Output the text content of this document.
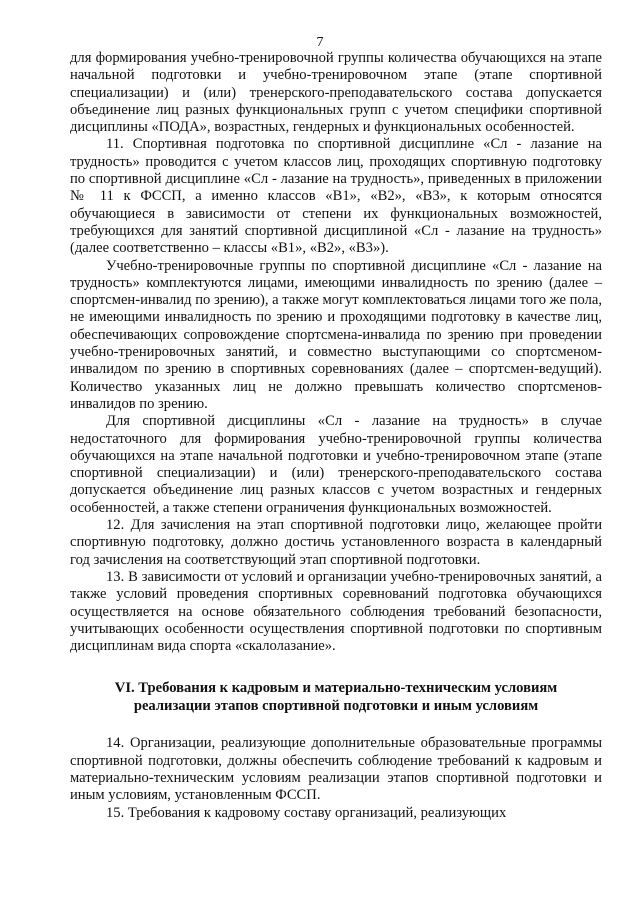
7

для формирования учебно-тренировочной группы количества обучающихся на этапе начальной подготовки и учебно-тренировочном этапе (этапе спортивной специализации) и (или) тренерского-преподавательского состава допускается объединение лиц разных функциональных групп с учетом специфики спортивной дисциплины «ПОДА», возрастных, гендерных и функциональных особенностей.

11. Спортивная подготовка по спортивной дисциплине «Сл - лазание на трудность» проводится с учетом классов лиц, проходящих спортивную подготовку по спортивной дисциплине «Сл - лазание на трудность», приведенных в приложении № 11 к ФССП, а именно классов «B1», «B2», «B3», к которым относятся обучающиеся в зависимости от степени их функциональных возможностей, требующихся для занятий спортивной дисциплиной «Сл - лазание на трудность» (далее соответственно – классы «B1», «B2», «B3»).

Учебно-тренировочные группы по спортивной дисциплине «Сл - лазание на трудность» комплектуются лицами, имеющими инвалидность по зрению (далее – спортсмен-инвалид по зрению), а также могут комплектоваться лицами того же пола, не имеющими инвалидность по зрению и проходящими подготовку в качестве лиц, обеспечивающих сопровождение спортсмена-инвалида по зрению при проведении учебно-тренировочных занятий, и совместно выступающими со спортсменом-инвалидом по зрению в спортивных соревнованиях (далее – спортсмен-ведущий). Количество указанных лиц не должно превышать количество спортсменов-инвалидов по зрению.

Для спортивной дисциплины «Сл - лазание на трудность» в случае недостаточного для формирования учебно-тренировочной группы количества обучающихся на этапе начальной подготовки и учебно-тренировочном этапе (этапе спортивной специализации) и (или) тренерского-преподавательского состава допускается объединение лиц разных классов с учетом возрастных и гендерных особенностей, а также степени ограничения функциональных возможностей.

12. Для зачисления на этап спортивной подготовки лицо, желающее пройти спортивную подготовку, должно достичь установленного возраста в календарный год зачисления на соответствующий этап спортивной подготовки.

13. В зависимости от условий и организации учебно-тренировочных занятий, а также условий проведения спортивных соревнований подготовка обучающихся осуществляется на основе обязательного соблюдения требований безопасности, учитывающих особенности осуществления спортивной подготовки по спортивным дисциплинам вида спорта «скалолазание».

VI. Требования к кадровым и материально-техническим условиям
реализации этапов спортивной подготовки и иным условиям

14. Организации, реализующие дополнительные образовательные программы спортивной подготовки, должны обеспечить соблюдение требований к кадровым и материально-техническим условиям реализации этапов спортивной подготовки и иным условиям, установленным ФССП.

15. Требования к кадровому составу организаций, реализующих
